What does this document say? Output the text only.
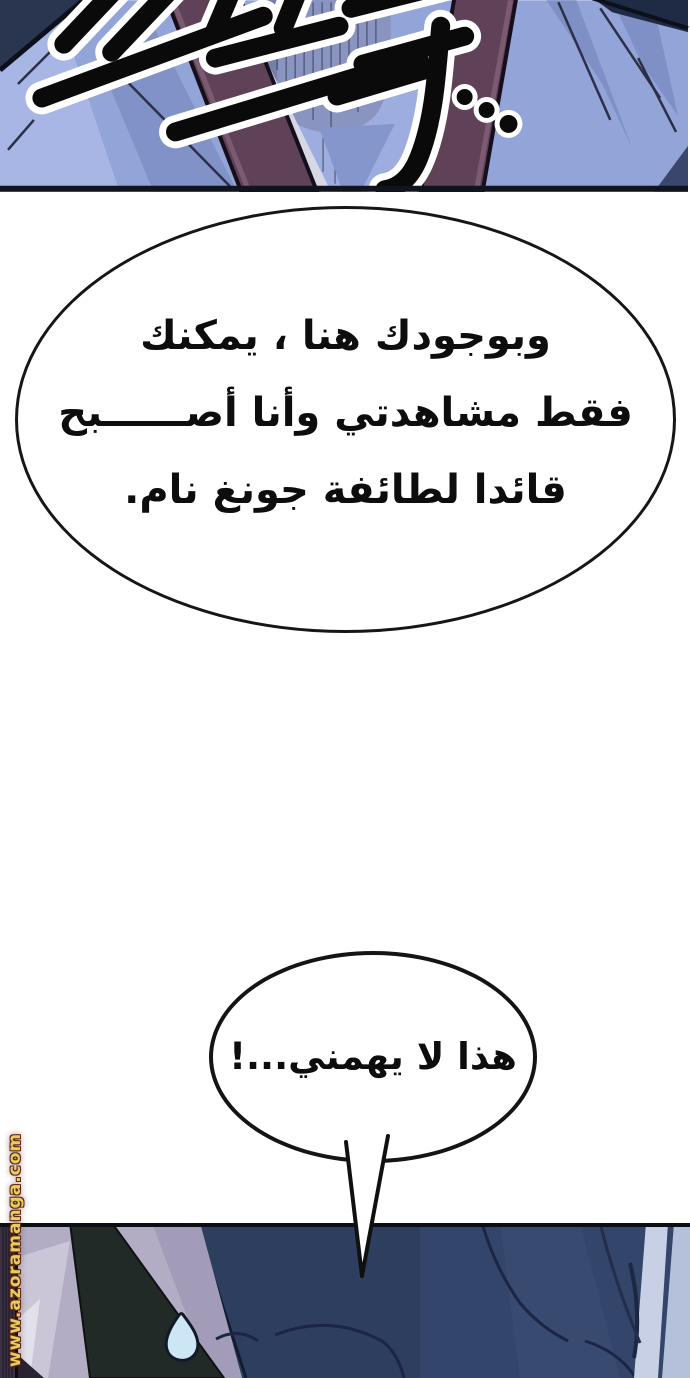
وبوجودك هنا ، يمكنك
فقط مشاهدتي وأنا أصــــــبح
قائدا لطائفة جونغ نام.
هذا لا يهمني...!
www.azoramanga.com
